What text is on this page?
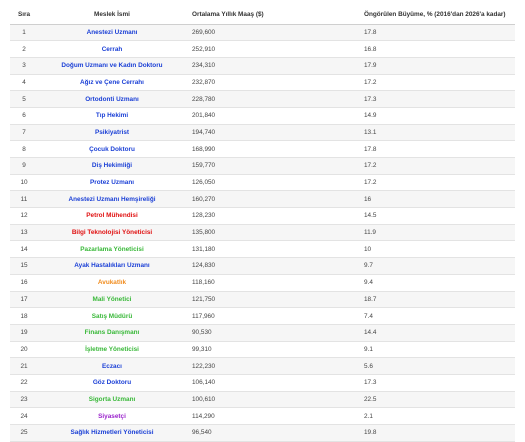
Sıra	Meslek İsmi	Ortalama Yıllık Maaş ($)	Öngörülen Büyüme, % (2016'dan 2026'a kadar)
1	Anestezi Uzmanı	269,600	17.8
2	Cerrah	252,910	16.8
3	Doğum Uzmanı ve Kadın Doktoru	234,310	17.9
4	Ağız ve Çene Cerrahı	232,870	17.2
5	Ortodonti Uzmanı	228,780	17.3
6	Tıp Hekimi	201,840	14.9
7	Psikiyatrist	194,740	13.1
8	Çocuk Doktoru	168,990	17.8
9	Diş Hekimliği	159,770	17.2
10	Protez Uzmanı	126,050	17.2
11	Anestezi Uzmanı Hemşireliği	160,270	16
12	Petrol Mühendisi	128,230	14.5
13	Bilgi Teknolojisi Yöneticisi	135,800	11.9
14	Pazarlama Yöneticisi	131,180	10
15	Ayak Hastalıkları Uzmanı	124,830	9.7
16	Avukatlık	118,160	9.4
17	Mali Yönetici	121,750	18.7
18	Satış Müdürü	117,960	7.4
19	Finans Danışmanı	90,530	14.4
20	İşletme Yöneticisi	99,310	9.1
21	Eczacı	122,230	5.6
22	Göz Doktoru	106,140	17.3
23	Sigorta Uzmanı	100,610	22.5
24	Siyasetçi	114,290	2.1
25	Sağlık Hizmetleri Yöneticisi	96,540	19.8
